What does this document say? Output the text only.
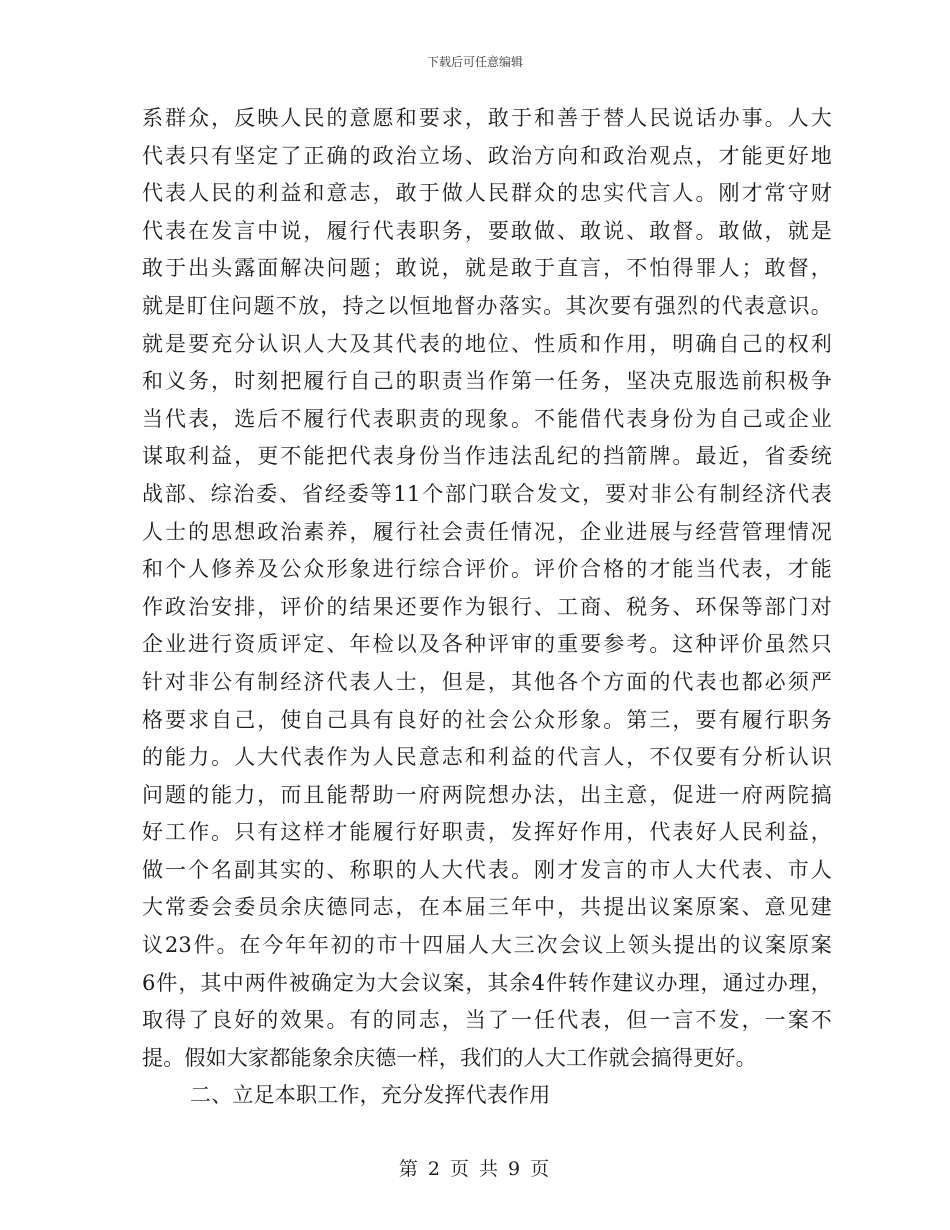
下载后可任意编辑
系群众，反映人民的意愿和要求，敢于和善于替人民说话办事。人大
代表只有坚定了正确的政治立场、政治方向和政治观点，才能更好地
代表人民的利益和意志，敢于做人民群众的忠实代言人。刚才常守财
代表在发言中说，履行代表职务，要敢做、敢说、敢督。敢做，就是
敢于出头露面解决问题；敢说，就是敢于直言，不怕得罪人；敢督，
就是盯住问题不放，持之以恒地督办落实。其次要有强烈的代表意识。
就是要充分认识人大及其代表的地位、性质和作用，明确自己的权利
和义务，时刻把履行自己的职责当作第一任务，坚决克服选前积极争
当代表，选后不履行代表职责的现象。不能借代表身份为自己或企业
谋取利益，更不能把代表身份当作违法乱纪的挡箭牌。最近，省委统
战部、综治委、省经委等11个部门联合发文，要对非公有制经济代表
人士的思想政治素养，履行社会责任情况，企业进展与经营管理情况
和个人修养及公众形象进行综合评价。评价合格的才能当代表，才能
作政治安排，评价的结果还要作为银行、工商、税务、环保等部门对
企业进行资质评定、年检以及各种评审的重要参考。这种评价虽然只
针对非公有制经济代表人士，但是，其他各个方面的代表也都必须严
格要求自己，使自己具有良好的社会公众形象。第三，要有履行职务
的能力。人大代表作为人民意志和利益的代言人，不仅要有分析认识
问题的能力，而且能帮助一府两院想办法，出主意，促进一府两院搞
好工作。只有这样才能履行好职责，发挥好作用，代表好人民利益，
做一个名副其实的、称职的人大代表。刚才发言的市人大代表、市人
大常委会委员余庆德同志，在本届三年中，共提出议案原案、意见建
议23件。在今年年初的市十四届人大三次会议上领头提出的议案原案
6件，其中两件被确定为大会议案，其余4件转作建议办理，通过办理，
取得了良好的效果。有的同志，当了一任代表，但一言不发，一案不
提。假如大家都能象余庆德一样，我们的人大工作就会搞得更好。
二、立足本职工作，充分发挥代表作用
第 2 页 共 9 页
